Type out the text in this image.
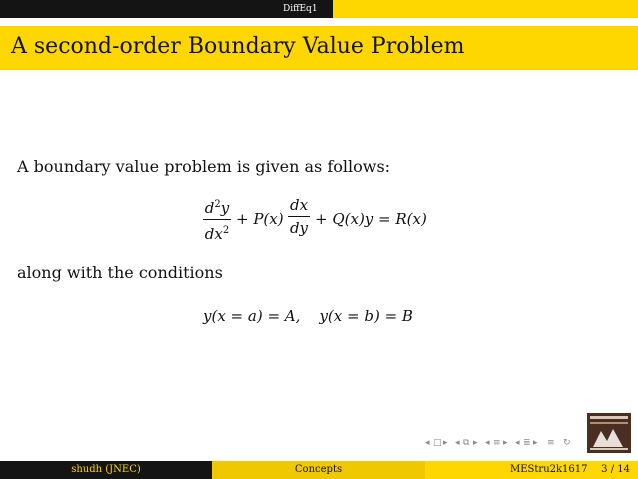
DiffEq1
A second-order Boundary Value Problem
A boundary value problem is given as follows:
$d^2y$
$dx^2$
+ P(x)
dx
dy + Q(x)y = R(x)
along with the conditions
y(x = a) = A,    y(x = b) = B
◂ □ ▸ ◂ ⧉ ▸ ◂ ≡ ▸ ◂ ≣ ▸ ≡ ↻
shudh (JNEC)	Concepts	MEStru2k1617 3 / 14
